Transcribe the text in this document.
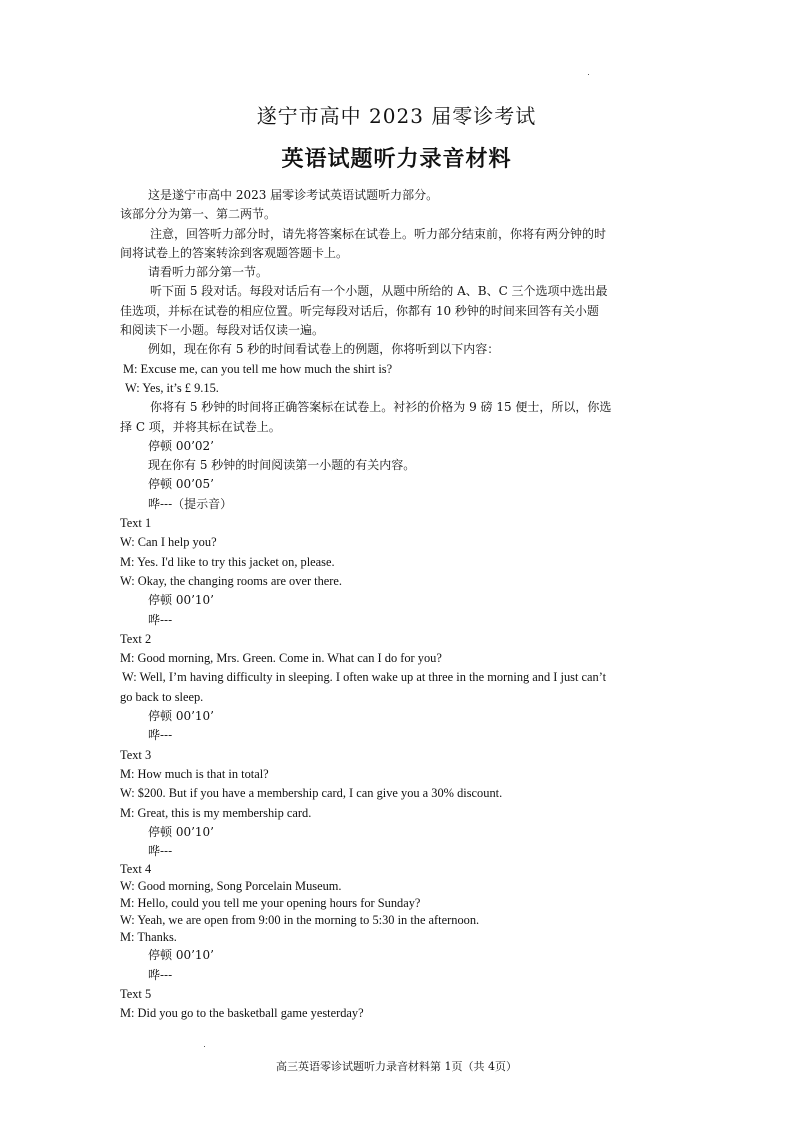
遂宁市高中 2023 届零诊考试
英语试题听力录音材料
这是遂宁市高中 2023 届零诊考试英语试题听力部分。
该部分分为第一、第二两节。
注意，回答听力部分时，请先将答案标在试卷上。听力部分结束前，你将有两分钟的时
间将试卷上的答案转涂到客观题答题卡上。
请看听力部分第一节。
听下面 5 段对话。每段对话后有一个小题，从题中所给的 A、B、C 三个选项中选出最
佳选项，并标在试卷的相应位置。听完每段对话后，你都有 10 秒钟的时间来回答有关小题
和阅读下一小题。每段对话仅读一遍。
例如，现在你有 5 秒的时间看试卷上的例题，你将听到以下内容：
M: Excuse me, can you tell me how much the shirt is?
W: Yes, it’s £ 9.15.
你将有 5 秒钟的时间将正确答案标在试卷上。衬衫的价格为 9 磅 15 便士，所以，你选
择 C 项，并将其标在试卷上。
停顿 00’02’
现在你有 5 秒钟的时间阅读第一小题的有关内容。
停顿 00’05’
哗---（提示音）
Text 1
W: Can I help you?
M: Yes. I'd like to try this jacket on, please.
W: Okay, the changing rooms are over there.
停顿 00’10’
哗---
Text 2
M: Good morning, Mrs. Green. Come in. What can I do for you?
W: Well, I’m having difficulty in sleeping. I often wake up at three in the morning and I just can’t
go back to sleep.
停顿 00’10’
哗---
Text 3
M: How much is that in total?
W: $200. But if you have a membership card, I can give you a 30% discount.
M: Great, this is my membership card.
停顿 00’10’
哗---
Text 4
W: Good morning, Song Porcelain Museum.
M: Hello, could you tell me your opening hours for Sunday?
W: Yeah, we are open from 9:00 in the morning to 5:30 in the afternoon.
M: Thanks.
停顿 00’10’
哗---
Text 5
M: Did you go to the basketball game yesterday?
高三英语零诊试题听力录音材料第 1页（共 4页）
